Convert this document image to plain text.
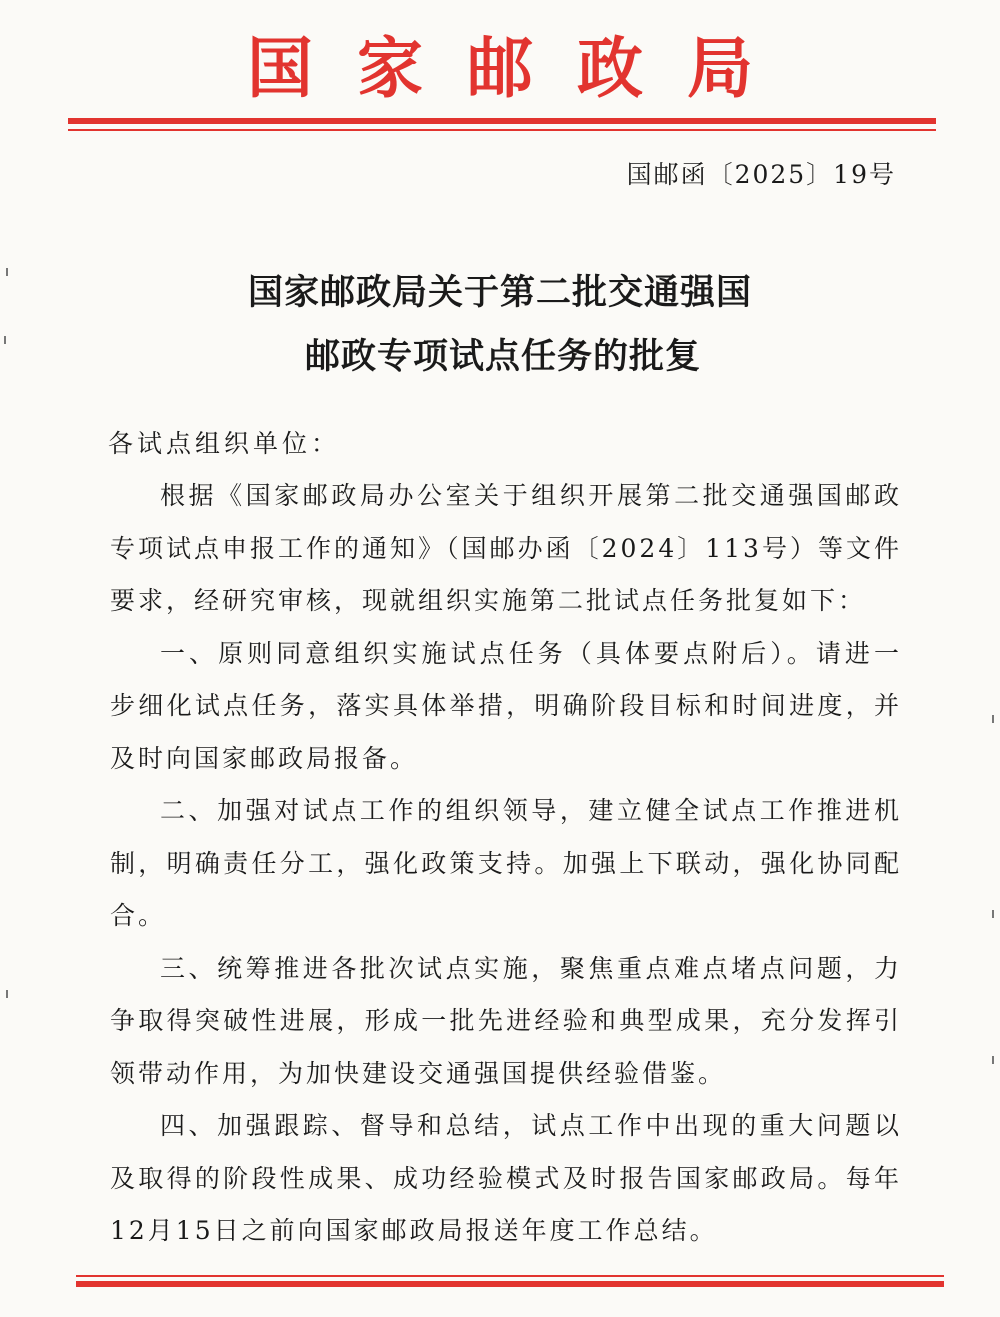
国家邮政局
国邮函〔2025〕19号
国家邮政局关于第二批交通强国
邮政专项试点任务的批复
各试点组织单位：

根据《国家邮政局办公室关于组织开展第二批交通强国邮政专项试点申报工作的通知》（国邮办函〔2024〕113号）等文件要求，经研究审核，现就组织实施第二批试点任务批复如下：

一、原则同意组织实施试点任务（具体要点附后）。请进一步细化试点任务，落实具体举措，明确阶段目标和时间进度，并及时向国家邮政局报备。

二、加强对试点工作的组织领导，建立健全试点工作推进机制，明确责任分工，强化政策支持。加强上下联动，强化协同配合。

三、统筹推进各批次试点实施，聚焦重点难点堵点问题，力争取得突破性进展，形成一批先进经验和典型成果，充分发挥引领带动作用，为加快建设交通强国提供经验借鉴。

四、加强跟踪、督导和总结，试点工作中出现的重大问题以及取得的阶段性成果、成功经验模式及时报告国家邮政局。每年12月15日之前向国家邮政局报送年度工作总结。
